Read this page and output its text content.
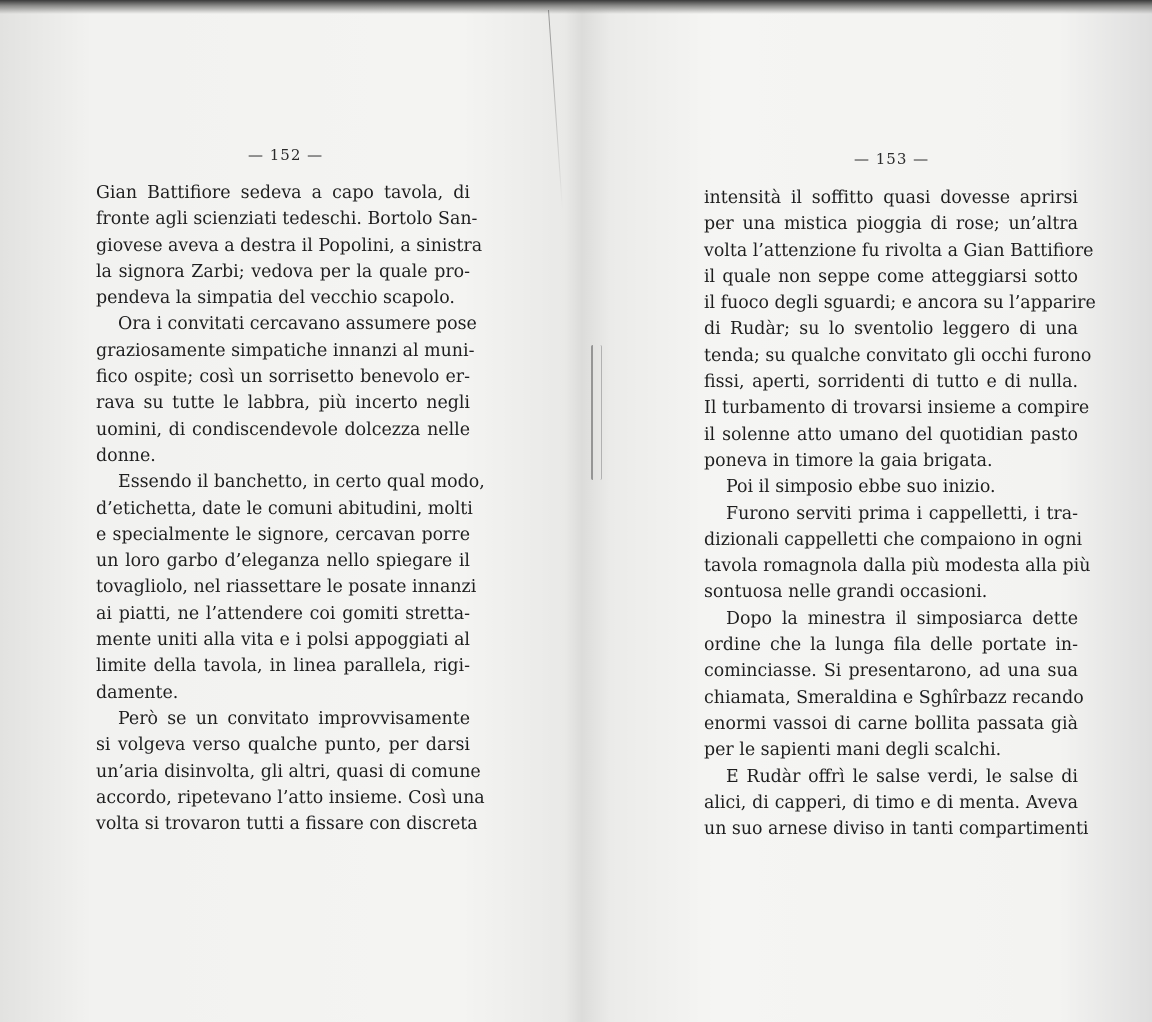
— 152 —
Gian Battifiore sedeva a capo tavola, di
fronte agli scienziati tedeschi. Bortolo San-
giovese aveva a destra il Popolini, a sinistra
la signora Zarbi; vedova per la quale pro-
pendeva la simpatia del vecchio scapolo.
Ora i convitati cercavano assumere pose
graziosamente simpatiche innanzi al muni-
fico ospite; così un sorrisetto benevolo er-
rava su tutte le labbra, più incerto negli
uomini, di condiscendevole dolcezza nelle
donne.
Essendo il banchetto, in certo qual modo,
d’etichetta, date le comuni abitudini, molti
e specialmente le signore, cercavan porre
un loro garbo d’eleganza nello spiegare il
tovagliolo, nel riassettare le posate innanzi
ai piatti, ne l’attendere coi gomiti stretta-
mente uniti alla vita e i polsi appoggiati al
limite della tavola, in linea parallela, rigi-
damente.
Però se un convitato improvvisamente
si volgeva verso qualche punto, per darsi
un’aria disinvolta, gli altri, quasi di comune
accordo, ripetevano l’atto insieme. Così una
volta si trovaron tutti a fissare con discreta
— 153 —
intensità il soffitto quasi dovesse aprirsi
per una mistica pioggia di rose; un’altra
volta l’attenzione fu rivolta a Gian Battifiore
il quale non seppe come atteggiarsi sotto
il fuoco degli sguardi; e ancora su l’apparire
di Rudàr; su lo sventolio leggero di una
tenda; su qualche convitato gli occhi furono
fissi, aperti, sorridenti di tutto e di nulla.
Il turbamento di trovarsi insieme a compire
il solenne atto umano del quotidian pasto
poneva in timore la gaia brigata.
Poi il simposio ebbe suo inizio.
Furono serviti prima i cappelletti, i tra-
dizionali cappelletti che compaiono in ogni
tavola romagnola dalla più modesta alla più
sontuosa nelle grandi occasioni.
Dopo la minestra il simposiarca dette
ordine che la lunga fila delle portate in-
cominciasse. Si presentarono, ad una sua
chiamata, Smeraldina e Sghîrbazz recando
enormi vassoi di carne bollita passata già
per le sapienti mani degli scalchi.
E Rudàr offrì le salse verdi, le salse di
alici, di capperi, di timo e di menta. Aveva
un suo arnese diviso in tanti compartimenti
